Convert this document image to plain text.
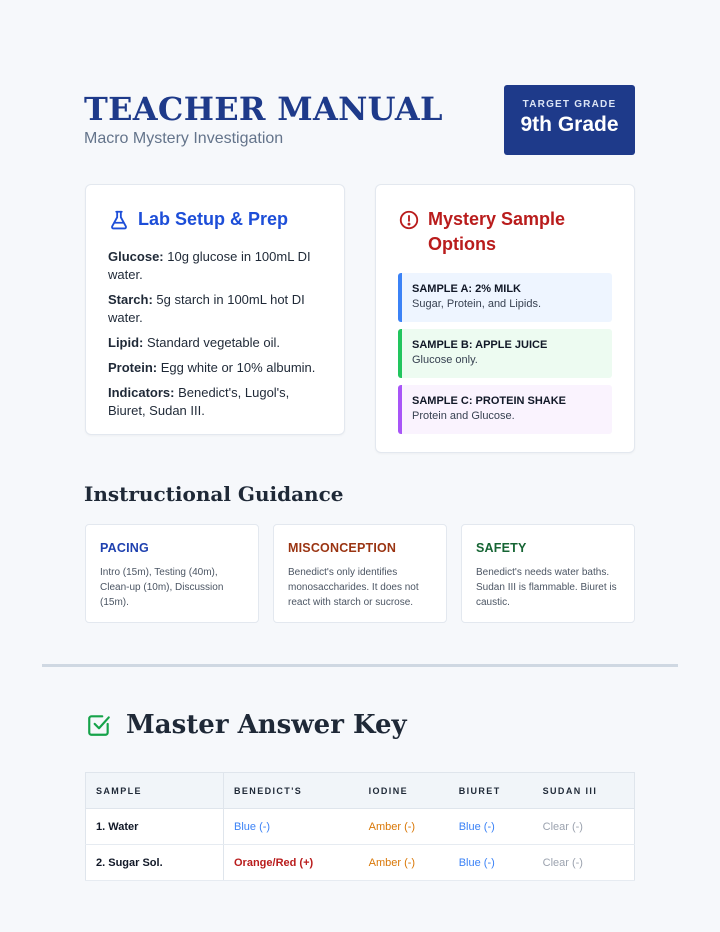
TEACHER MANUAL
Macro Mystery Investigation
TARGET GRADE
9th Grade
Lab Setup & Prep
Glucose: 10g glucose in 100mL DI water.
Starch: 5g starch in 100mL hot DI water.
Lipid: Standard vegetable oil.
Protein: Egg white or 10% albumin.
Indicators: Benedict's, Lugol's, Biuret, Sudan III.
Mystery Sample Options
SAMPLE A: 2% MILK
Sugar, Protein, and Lipids.
SAMPLE B: APPLE JUICE
Glucose only.
SAMPLE C: PROTEIN SHAKE
Protein and Glucose.
Instructional Guidance
PACING
Intro (15m), Testing (40m), Clean-up (10m), Discussion (15m).
MISCONCEPTION
Benedict's only identifies monosaccharides. It does not react with starch or sucrose.
SAFETY
Benedict's needs water baths. Sudan III is flammable. Biuret is caustic.
Master Answer Key
SAMPLE	BENEDICT'S	IODINE	BIURET	SUDAN III
1. Water	Blue (-)	Amber (-)	Blue (-)	Clear (-)
2. Sugar Sol.	Orange/Red (+)	Amber (-)	Blue (-)	Clear (-)
